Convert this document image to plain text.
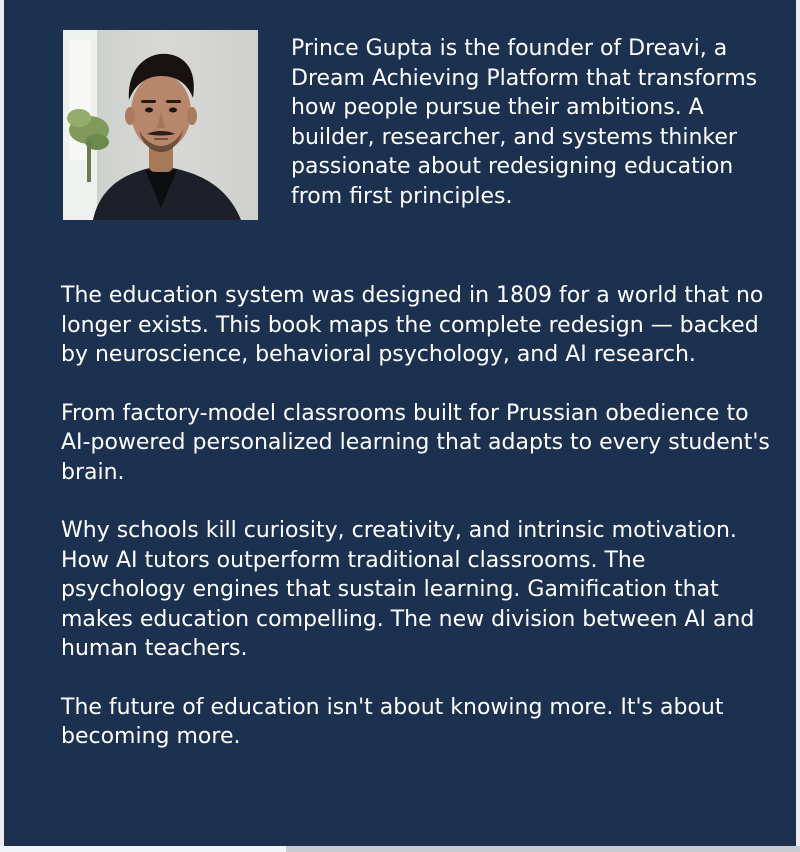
Prince Gupta is the founder of Dreavi, a Dream Achieving Platform that transforms how people pursue their ambitions. A builder, researcher, and systems thinker passionate about redesigning education from first principles.

The education system was designed in 1809 for a world that no longer exists. This book maps the complete redesign — backed by neuroscience, behavioral psychology, and AI research.

From factory-model classrooms built for Prussian obedience to AI-powered personalized learning that adapts to every student's brain.

Why schools kill curiosity, creativity, and intrinsic motivation. How AI tutors outperform traditional classrooms. The psychology engines that sustain learning. Gamification that makes education compelling. The new division between AI and human teachers.

The future of education isn't about knowing more. It's about becoming more.
